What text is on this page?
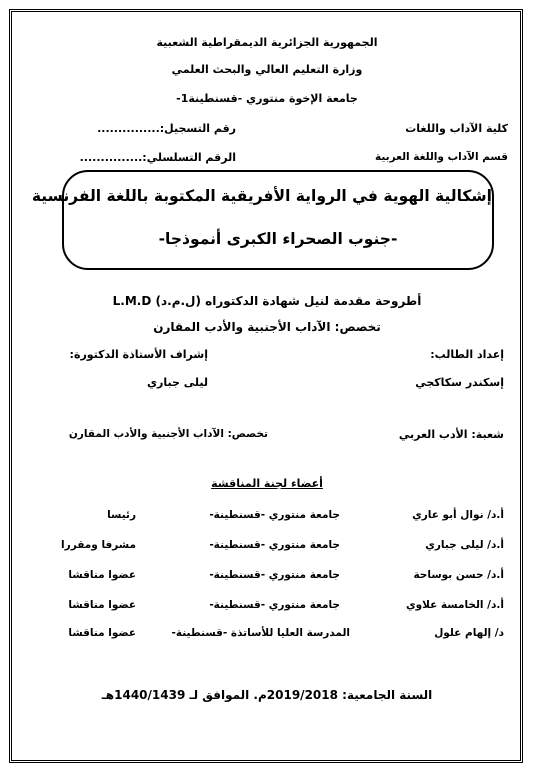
الجمهورية الجزائرية الديمقراطية الشعبية
وزارة التعليم العالي والبحث العلمي
جامعة الإخوة منتوري -قسنطينة1-
كلية الآداب واللغات
رقم التسجيل:...............
قسم الآداب واللغة العربية
الرقم التسلسلي:...............
إشكالية الهوية في الرواية الأفريقية المكتوبة باللغة الفرنسية
-جنوب الصحراء الكبرى أنموذجا-
أطروحة مقدمة لنيل شهادة الدكتوراه (ل.م.د) L.M.D
تخصص: الآداب الأجنبية والأدب المقارن
إعداد الطالب:
إشراف الأستاذة الدكتورة:
إسكندر سكاكجي
ليلى جباري
شعبة: الأدب العربي
تخصص: الآداب الأجنبية والأدب المقارن
أعضاء لجنة المناقشة
أ.د/ نوال أبو عاري
جامعة منتوري -قسنطينة-
رئيسا
أ.د/ ليلى جباري
جامعة منتوري -قسنطينة-
مشرفا ومقررا
أ.د/ حسن بوساحة
جامعة منتوري -قسنطينة-
عضوا مناقشا
أ.د/ الخامسة علاوي
جامعة منتوري -قسنطينة-
عضوا مناقشا
د/ إلهام علول
المدرسة العليا للأساتذة -قسنطينة-
عضوا مناقشا
السنة الجامعية: 2019/2018م. الموافق لـ 1440/1439هـ
